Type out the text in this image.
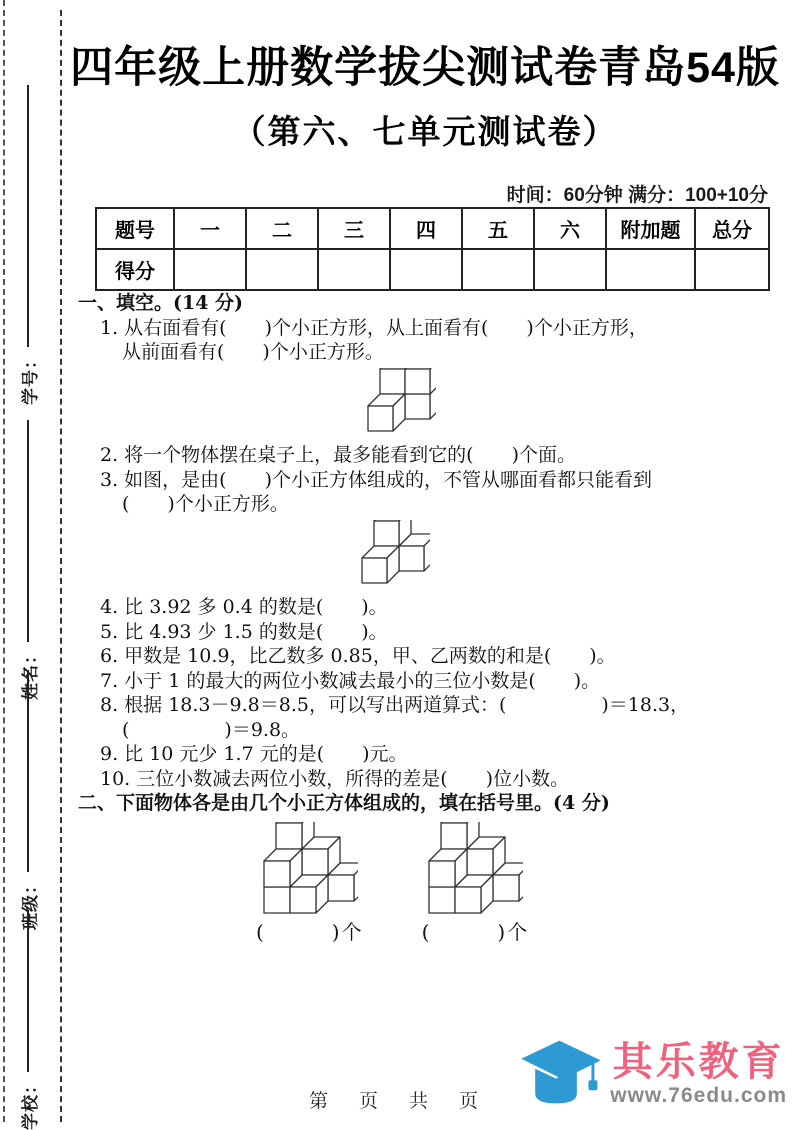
学号：
姓名：
班级：
学校：
四年级上册数学拔尖测试卷青岛54版
（第六、七单元测试卷）
时间：60分钟 满分：100+10分
题号	一	二	三	四	五	六	附加题	总分
得分								
一、填空。(14 分)
1. 从右面看有(　　)个小正方形，从上面看有(　　)个小正方形，
从前面看有(　　)个小正方形。
2. 将一个物体摆在桌子上，最多能看到它的(　　)个面。
3. 如图，是由(　　)个小正方体组成的，不管从哪面看都只能看到
(　　)个小正方形。
4. 比 3.92 多 0.4 的数是(　　)。
5. 比 4.93 少 1.5 的数是(　　)。
6. 甲数是 10.9，比乙数多 0.85，甲、乙两数的和是(　　)。
7. 小于 1 的最大的两位小数减去最小的三位小数是(　　)。
8. 根据 18.3－9.8＝8.5，可以写出两道算式：(　　　　　)＝18.3，
(　　　　　)＝9.8。
9. 比 10 元少 1.7 元的是(　　)元。
10. 三位小数减去两位小数，所得的差是(　　)位小数。
二、下面物体各是由几个小正方体组成的，填在括号里。(4 分)
(　　　)个	(　　　)个
第　页　共　页
其乐教育
www.76edu.com
